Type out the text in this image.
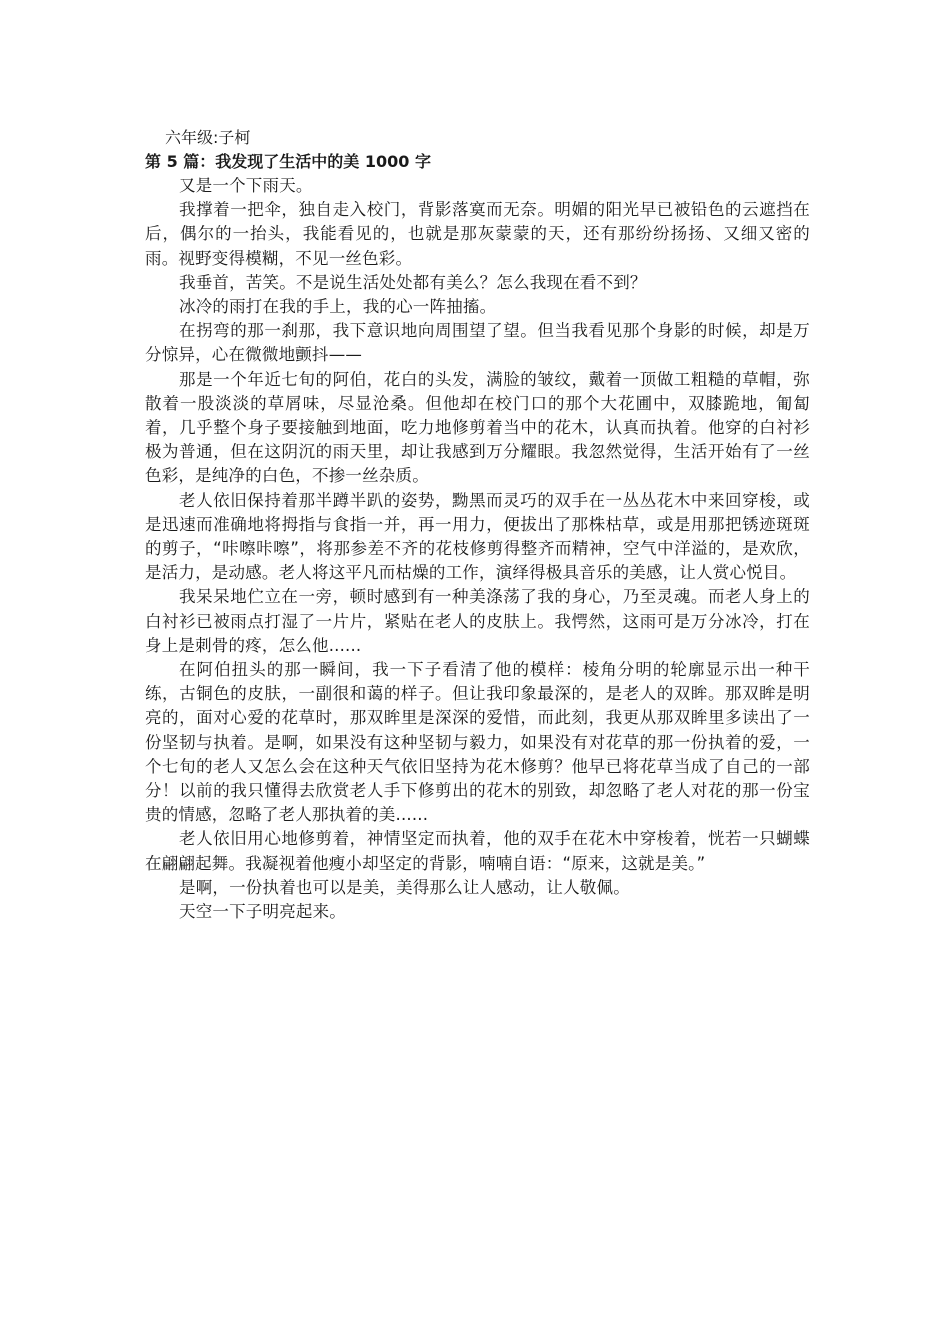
六年级:子柯

第 5 篇：我发现了生活中的美 1000 字

又是一个下雨天。

我撑着一把伞，独自走入校门，背影落寞而无奈。明媚的阳光早已被铅色的云遮挡在后，偶尔的一抬头，我能看见的，也就是那灰蒙蒙的天，还有那纷纷扬扬、又细又密的雨。视野变得模糊，不见一丝色彩。

我垂首，苦笑。不是说生活处处都有美么？怎么我现在看不到？

冰冷的雨打在我的手上，我的心一阵抽搐。

在拐弯的那一刹那，我下意识地向周围望了望。但当我看见那个身影的时候，却是万分惊异，心在微微地颤抖——

那是一个年近七旬的阿伯，花白的头发，满脸的皱纹，戴着一顶做工粗糙的草帽，弥散着一股淡淡的草屑味，尽显沧桑。但他却在校门口的那个大花圃中，双膝跪地，匍匐着，几乎整个身子要接触到地面，吃力地修剪着当中的花木，认真而执着。他穿的白衬衫极为普通，但在这阴沉的雨天里，却让我感到万分耀眼。我忽然觉得，生活开始有了一丝色彩，是纯净的白色，不掺一丝杂质。

老人依旧保持着那半蹲半趴的姿势，黝黑而灵巧的双手在一丛丛花木中来回穿梭，或是迅速而准确地将拇指与食指一并，再一用力，便拔出了那株枯草，或是用那把锈迹斑斑的剪子，“咔嚓咔嚓”，将那参差不齐的花枝修剪得整齐而精神，空气中洋溢的，是欢欣，是活力，是动感。老人将这平凡而枯燥的工作，演绎得极具音乐的美感，让人赏心悦目。

我呆呆地伫立在一旁，顿时感到有一种美涤荡了我的身心，乃至灵魂。而老人身上的白衬衫已被雨点打湿了一片片，紧贴在老人的皮肤上。我愕然，这雨可是万分冰冷，打在身上是刺骨的疼，怎么他......

在阿伯扭头的那一瞬间，我一下子看清了他的模样：棱角分明的轮廓显示出一种干练，古铜色的皮肤，一副很和蔼的样子。但让我印象最深的，是老人的双眸。那双眸是明亮的，面对心爱的花草时，那双眸里是深深的爱惜，而此刻，我更从那双眸里多读出了一份坚韧与执着。是啊，如果没有这种坚韧与毅力，如果没有对花草的那一份执着的爱，一个七旬的老人又怎么会在这种天气依旧坚持为花木修剪？他早已将花草当成了自己的一部分！以前的我只懂得去欣赏老人手下修剪出的花木的别致，却忽略了老人对花的那一份宝贵的情感，忽略了老人那执着的美......

老人依旧用心地修剪着，神情坚定而执着，他的双手在花木中穿梭着，恍若一只蝴蝶在翩翩起舞。我凝视着他瘦小却坚定的背影，喃喃自语：“原来，这就是美。”

是啊，一份执着也可以是美，美得那么让人感动，让人敬佩。

天空一下子明亮起来。
